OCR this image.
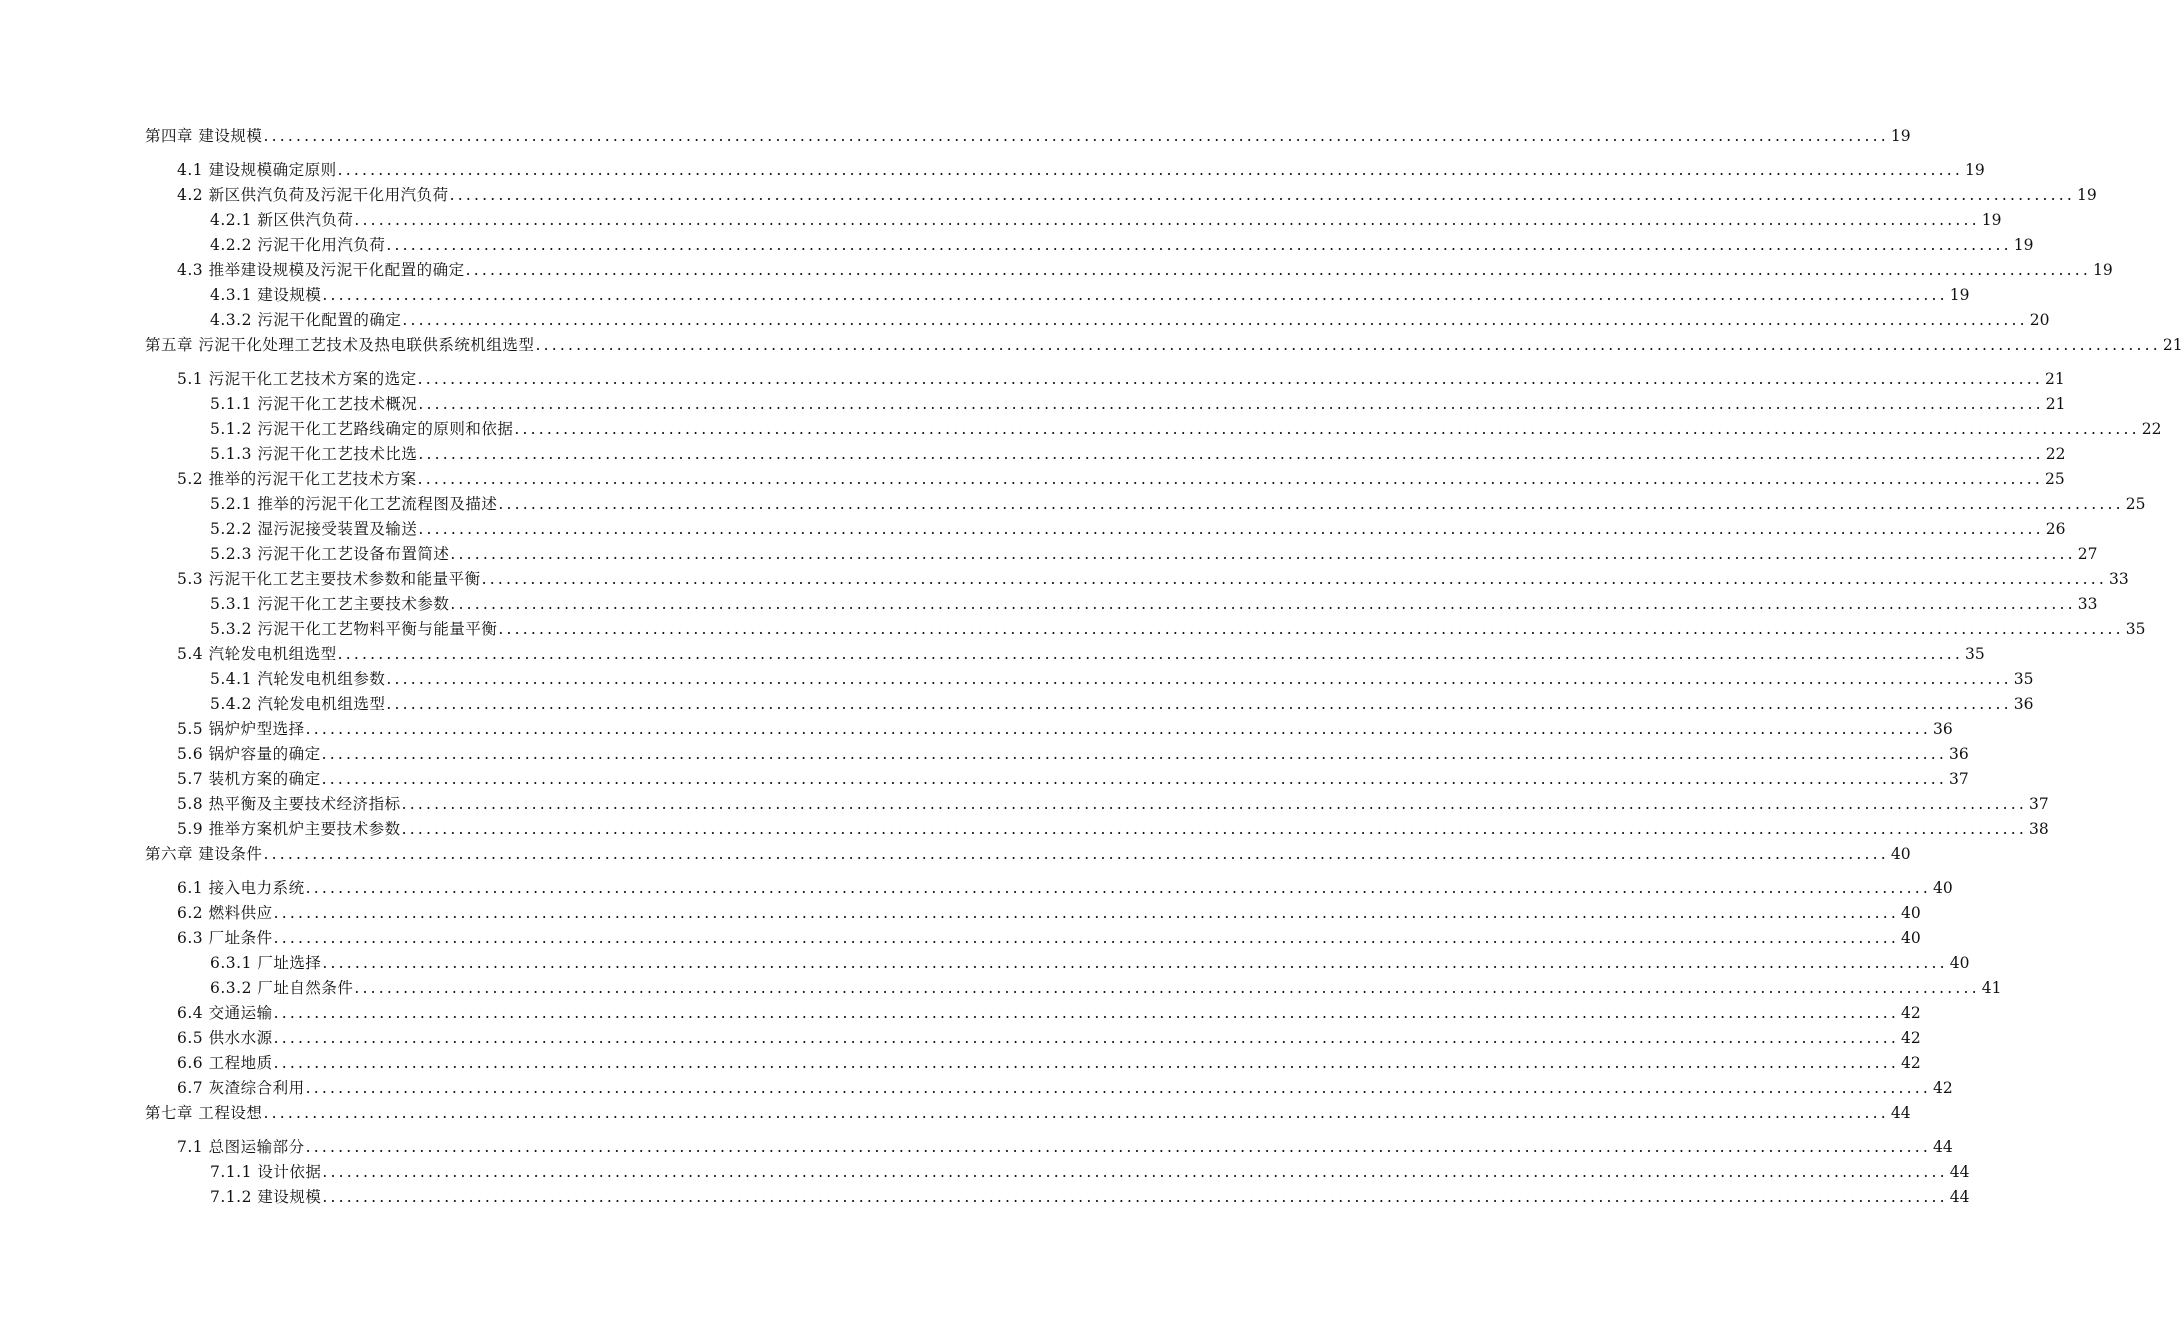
第四章 建设规模 ........................................................................................................................................................................................................ 19
4.1 建设规模确定原则 ........................................................................................................................................................................................................ 19
4.2 新区供汽负荷及污泥干化用汽负荷 ........................................................................................................................................................................................................ 19
4.2.1 新区供汽负荷 ........................................................................................................................................................................................................ 19
4.2.2 污泥干化用汽负荷 ........................................................................................................................................................................................................ 19
4.3 推举建设规模及污泥干化配置的确定 ........................................................................................................................................................................................................ 19
4.3.1 建设规模 ........................................................................................................................................................................................................ 19
4.3.2 污泥干化配置的确定 ........................................................................................................................................................................................................ 20
第五章 污泥干化处理工艺技术及热电联供系统机组选型 ........................................................................................................................................................................................................ 21
5.1 污泥干化工艺技术方案的选定 ........................................................................................................................................................................................................ 21
5.1.1 污泥干化工艺技术概况 ........................................................................................................................................................................................................ 21
5.1.2 污泥干化工艺路线确定的原则和依据 ........................................................................................................................................................................................................ 22
5.1.3 污泥干化工艺技术比选 ........................................................................................................................................................................................................ 22
5.2 推举的污泥干化工艺技术方案 ........................................................................................................................................................................................................ 25
5.2.1 推举的污泥干化工艺流程图及描述 ........................................................................................................................................................................................................ 25
5.2.2 湿污泥接受装置及输送 ........................................................................................................................................................................................................ 26
5.2.3 污泥干化工艺设备布置简述 ........................................................................................................................................................................................................ 27
5.3 污泥干化工艺主要技术参数和能量平衡 ........................................................................................................................................................................................................ 33
5.3.1 污泥干化工艺主要技术参数 ........................................................................................................................................................................................................ 33
5.3.2 污泥干化工艺物料平衡与能量平衡 ........................................................................................................................................................................................................ 35
5.4 汽轮发电机组选型 ........................................................................................................................................................................................................ 35
5.4.1 汽轮发电机组参数 ........................................................................................................................................................................................................ 35
5.4.2 汽轮发电机组选型 ........................................................................................................................................................................................................ 36
5.5 锅炉炉型选择 ........................................................................................................................................................................................................ 36
5.6 锅炉容量的确定 ........................................................................................................................................................................................................ 36
5.7 装机方案的确定 ........................................................................................................................................................................................................ 37
5.8 热平衡及主要技术经济指标 ........................................................................................................................................................................................................ 37
5.9 推举方案机炉主要技术参数 ........................................................................................................................................................................................................ 38
第六章 建设条件 ........................................................................................................................................................................................................ 40
6.1 接入电力系统 ........................................................................................................................................................................................................ 40
6.2 燃料供应 ........................................................................................................................................................................................................ 40
6.3 厂址条件 ........................................................................................................................................................................................................ 40
6.3.1 厂址选择 ........................................................................................................................................................................................................ 40
6.3.2 厂址自然条件 ........................................................................................................................................................................................................ 41
6.4 交通运输 ........................................................................................................................................................................................................ 42
6.5 供水水源 ........................................................................................................................................................................................................ 42
6.6 工程地质 ........................................................................................................................................................................................................ 42
6.7 灰渣综合利用 ........................................................................................................................................................................................................ 42
第七章 工程设想 ........................................................................................................................................................................................................ 44
7.1 总图运输部分 ........................................................................................................................................................................................................ 44
7.1.1 设计依据 ........................................................................................................................................................................................................ 44
7.1.2 建设规模 ........................................................................................................................................................................................................ 44
